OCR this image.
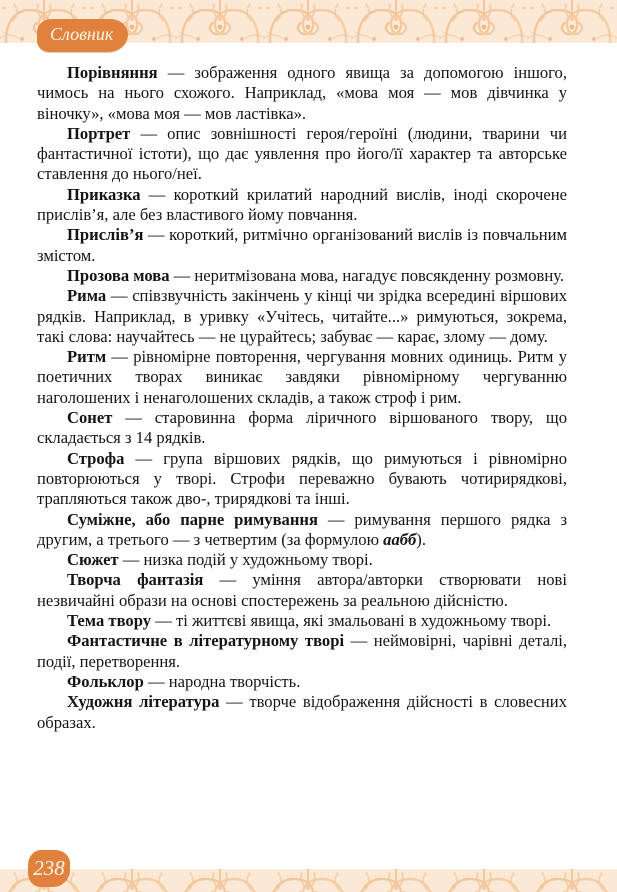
Словник

Порівняння — зображення одного явища за допомогою іншого, чимось на нього схожого. Наприклад, «мова моя — мов дівчинка у віночку», «мова моя — мов ластівка».

Портрет — опис зовнішності героя/героїні (людини, тварини чи фантастичної істоти), що дає уявлення про його/її характер та авторське ставлення до нього/неї.

Приказка — короткий крилатий народний вислів, іноді скорочене прислів’я, але без властивого йому повчання.

Прислів’я — короткий, ритмічно організований вислів із повчальним змістом.

Прозова мова — неритмізована мова, нагадує повсякденну розмовну.

Рима — співзвучність закінчень у кінці чи зрідка всередині віршових рядків. Наприклад, в уривку «Учітесь, читайте...» римуються, зокрема, такі слова: научайтесь — не цурайтесь; забуває — карає, злому — дому.

Ритм — рівномірне повторення, чергування мовних одиниць. Ритм у поетичних творах виникає завдяки рівномірному чергуванню наголошених і ненаголошених складів, а також строф і рим.

Сонет — старовинна форма ліричного віршованого твору, що складається з 14 рядків.

Строфа — група віршових рядків, що римуються і рівномірно повторюються у творі. Строфи переважно бувають чотирирядкові, трапляються також дво-, трирядкові та інші.

Суміжне, або парне римування — римування першого рядка з другим, а третього — з четвертим (за формулою аабб).

Сюжет — низка подій у художньому творі.

Творча фантазія — уміння автора/авторки створювати нові незвичайні образи на основі спостережень за реальною дійсністю.

Тема твору — ті життєві явища, які змальовані в художньому творі.

Фантастичне в літературному творі — неймовірні, чарівні деталі, події, перетворення.

Фольклор — народна творчість.

Художня література — творче відображення дійсності в словесних образах.

238
